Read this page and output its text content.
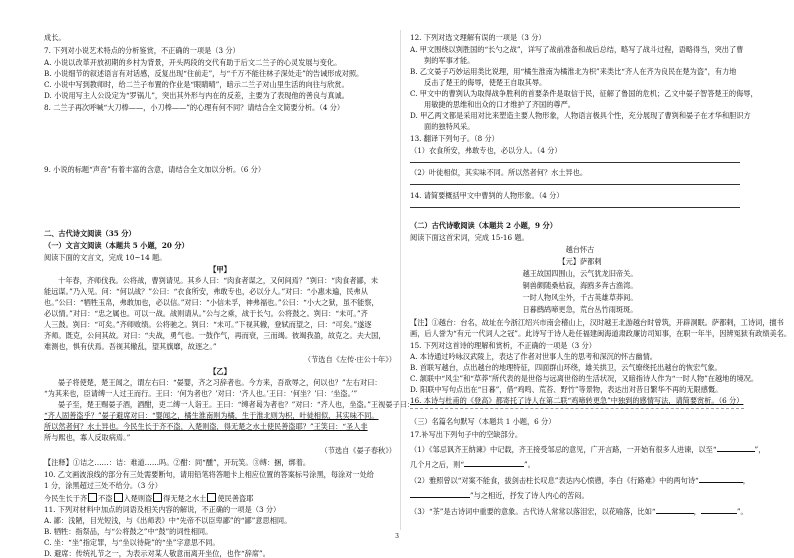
成长。
7. 下列对小说艺术特点的分析鉴赏，不正确的一项是（3 分）
A. 小说以改革开放初期的乡村为背景，开头两段的交代有助于后文二兰子的心灵发展与变化。
B. 小说细节的叙述语言有对话感，反复出现“住前走”，与“千万不能往林子深处走”的告诫形成对照。
C. 小说中写到教师时，给二兰子布置的作业是“眼睛晴”，暗示二兰子对山里生活的向往与欣赏。
D. 小说用写主人公设定为“罗锅儿”，突出其外形与内在的反差，主要为了表现他的善良与真诚。
8. 二兰子再次呼喊“大刀棒——，小刀棒——”的心理有何不同？请结合全文简要分析。（4 分）
9. 小说的标题“声音”有着丰富的含意，请结合全文加以分析。（6 分）
二、古代诗文阅读（35 分）
（一）文言文阅读（本题共 5 小题，20 分）
阅读下面的文言文，完成 10~14 题。
【甲】
十年春，齐师伐我。公将战，曹刿请见。其乡人曰：“肉食者谋之，又何间焉？”刿曰：“肉食者鄙，未
能远谋。”乃入见。问：“何以战？”公曰：“衣食所安，弗敢专也，必以分人。”对曰：“小惠未遍，民弗从
也。”公曰：“牺牲玉帛，弗敢加也，必以信。”对曰：“小信未孚，神弗福也。”公曰：“小大之狱，虽不能察，
必以情。”对曰：“忠之属也。可以一战。战则请从。”公与之乘，战于长勺。公将鼓之。刿曰：“未可。”齐
人三鼓。刿曰：“可矣。”齐师败绩。公将驰之。刿曰：“未可。”下视其辙，登轼而望之，曰：“可矣。”遂逐
齐师。既克，公问其故。对曰：“夫战，勇气也。一鼓作气，再而衰，三而竭。彼竭我盈，故克之。夫大国，
难测也，惧有伏焉。吾视其辙乱，望其旗靡，故逐之。”
（节选自《左传·庄公十年》）
【乙】
晏子将使楚，楚王闻之，谓左右曰：“晏婴，齐之习辞者也。今方来，吾欲辱之，何以也？”左右对曰：
“为其来也，臣请缚一人过王而行。王曰：‘何为者也？’对曰：‘齐人也。’王曰：‘何坐？’曰：‘坐盗。’”
晏子至，楚王赐晏子酒，酒酣，吏二缚一人诣王。王曰：“缚者曷为者也？”对曰：“齐人也，坐盗。”王视晏子曰：
“齐人固善盗乎？”晏子避席对曰：“婴闻之，橘生淮南则为橘，生于淮北则为枳，叶徒相似，其实味不同。
所以然者何？水土异也。今民生长于齐不盗，入楚则盗，得无楚之水土使民善盗耶？”王笑曰：“圣人非
所与熙也，寡人反取病焉。”
（节选自《晏子春秋》）
【注释】①诘之……：诘：难道……吗。②酣：同“醺”，开玩笑。③缚：捆，绑着。
10. 乙文画波浪线的部分有三处需要断句，请用铅笔将答题卡上相应位置的答案标号涂黑，每涂对一处给
1 分，涂黑超过三处不给分。（3 分）
今民生长于齐 不盗 入楚则盗 得无楚之水土 使民善盗耶
11. 下列对材料中加点的词语及相关内容的解说，不正确的一项是（3 分）
A. 鄙：浅陋，目光短浅，与《出师表》中“先帝不以臣卑鄙”的“鄙”意思相同。
B. 牺牲：指祭品，与“公将鼓之”中“鼓”的词性相同。
C. 坐：“坐”指定罪，与“坐以待毙”的“坐”字意思不同。
D. 避席：传统礼节之一，为表示对某人敬意而离开坐位，也作“辞席”。
12. 下列对选文理解有误的一项是（3 分）
A. 甲文围绕以刿胜国的“长勺之战”，详写了战前准备和战后总结，略写了战斗过程，语略得当，突出了曹
刿的军事才能。
B. 乙文晏子巧妙运用类比说理，用“橘生淮南为橘淮北为枳”来类比“齐人在齐为良民在楚为盗”，有力地
反击了楚王的侮辱，使楚王自取其辱。
C. 甲文中的曹刿认为取得战争胜利的首要条件是取信于民，征解了鲁国的危机；乙文中晏子智答楚王的侮辱，
用敏捷的思维和出众的口才维护了齐国的尊严。
D. 甲乙两文都是采用对比来塑造主要人物形象，人物语言极具个性，充分展现了曹刿和晏子在才华和胆识方
面的独特风采。
13. 翻译下列句子。（8 分）
（1）衣食所安，弗敢专也，必以分人。（4 分）
（2）叶徒相似，其实味不同。所以然者何？水土异也。
14. 请简要概括甲文中曹刿的人物形象。（4 分）
（二）古代诗歌阅读（本题共 2 小题，9 分）
阅读下面这首宋词，完成 15-16 题。
越台怀古
【元】萨都剌
越王故国四围山，云气犹龙旧帝关。
铜兽颇随桑枯寂，海鸥多奔古渔湾。
一时人物风尘外，千古英雄草莽间。
日暮鹧鸪啼更急，荒台丛竹雨斑斑。
【注】①越台：台名，故址在今浙江绍兴市南会稽山上，汉时越王北游越台时曾筑，开辟洞眠。萨都剌，工诗词，擅书
画，后人誉为“有元一代词人之冠”。此诗写于诗人赴任福建闽海道肃政廉访司知事，在职一年半，因辨冤狱有政绩美名。
15. 下列对这首诗的理解和赏析，不正确的一项是（3 分）
A. 本诗通过吟咏汉武陵上，表达了作者对世事人生的思考和深沉的怀古幽情。
B. 首联写越台，点出越台的地理特征，四面群山环绕，雄关拱卫，云气缭绕托出越台的恢宏气象。
C. 颔联中“风尘”和“草莽”所代表的是世俗与远离世俗的生活状况，又暗指诗人作为“一时人物”在越地的境况。
D. 阳联中写句点出在“日暮”，借“鸡鸣、荒苔、野竹”等景物，表达出对昔日繁华不再的无限感慨。
16. 本诗与杜甫的《登高》都寄托了诗人在第二联“鸡啼转更急”中独到的感情写法，请简要赏析。（6 分）
（三）名篇名句默写（本题共 1 小题，6 分）
17.补写出下列句子中的空缺部分。
（1）《邹忌讽齐王纳谏》中记载，齐王接受邹忌的意见，广开言路，一开始有很多人进谏，以至“	”，
几个月之后，则“	”。
（2）雅照曾以“对案不能食，拔剑击柱长叹息”表达内心愤懑，李白《行路难》中的两句诗“	，
”与之相近，抒发了诗人内心的苦闷。
（3）“茶”是古诗词中重要的意象。古代诗人常常以落泪宏，以花喻落，比如“	，	”。
3
